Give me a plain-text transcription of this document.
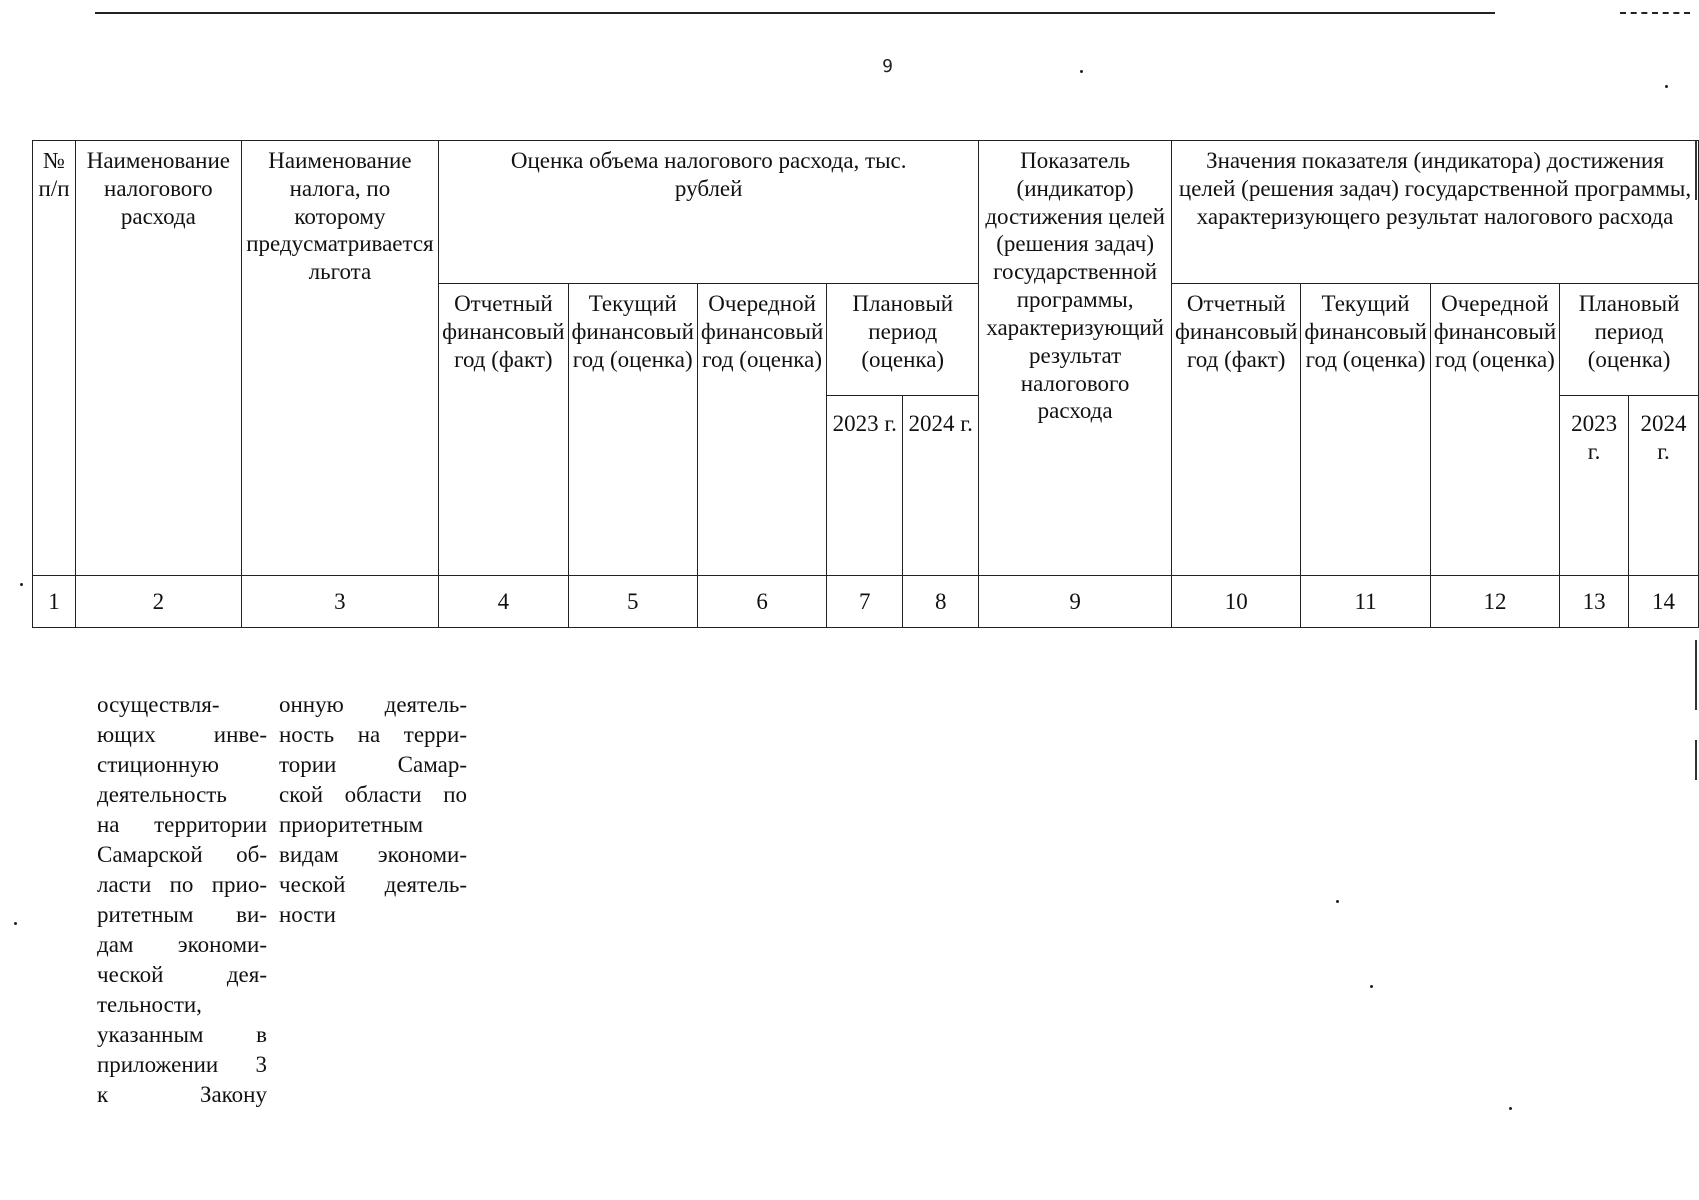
9
№
п/п	Наименование налогового расхода	Наименование налога, по которому предусматривается льгота	Оценка объема налогового расхода, тыс. рублей					Показатель (индикатор) достижения целей (решения задач) государственной программы, характеризующий результат налогового расхода	Значения показателя (индикатора) достижения целей (решения задач) государственной программы, характеризующего результат налогового расхода				
			Отчетный финансовый год (факт)	Текущий финансовый год (оценка)	Очередной финансовый год (оценка)	Плановый период (оценка)			Отчетный финансовый год (факт)	Текущий финансовый год (оценка)	Очередной финансовый год (оценка)	Плановый период (оценка)	
						2023 г.	2024 г.					2023 г.	2024 г.
1	2	3	4	5	6	7	8	9	10	11	12	13	14
осуществля-
ющих инве-
стиционную
деятельность
на территории
Самарской об-
ласти по прио-
ритетным ви-
дам экономи-
ческой дея-
тельности,
указанным в
приложении 3
к Закону
онную деятель-
ность на терри-
тории Самар-
ской области по
приоритетным
видам экономи-
ческой деятель-
ности
